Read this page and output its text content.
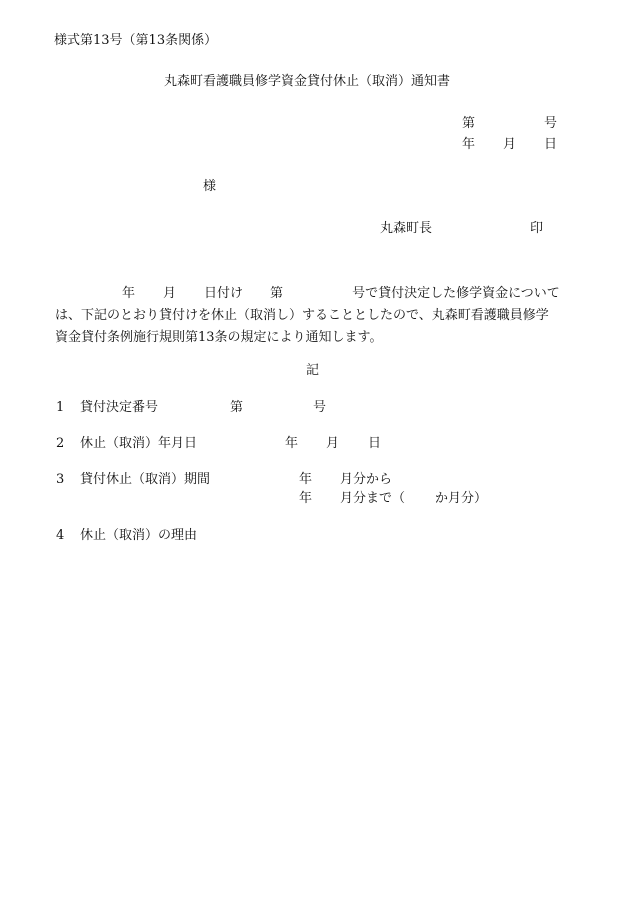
様式第13号（第13条関係）
丸森町看護職員修学資金貸付休止（取消）通知書
第	号
年 月 日
様
丸森町長	印
年 月 日付け 第	号で貸付決定した修学資金について
は、下記のとおり貸付けを休止（取消し）することとしたので、丸森町看護職員修学
資金貸付条例施行規則第13条の規定により通知します。
記
1 貸付決定番号	第	号
2 休止（取消）年月日	年 月 日
3 貸付休止（取消）期間	年 月分から
年 月分まで（ か月分）
4 休止（取消）の理由
